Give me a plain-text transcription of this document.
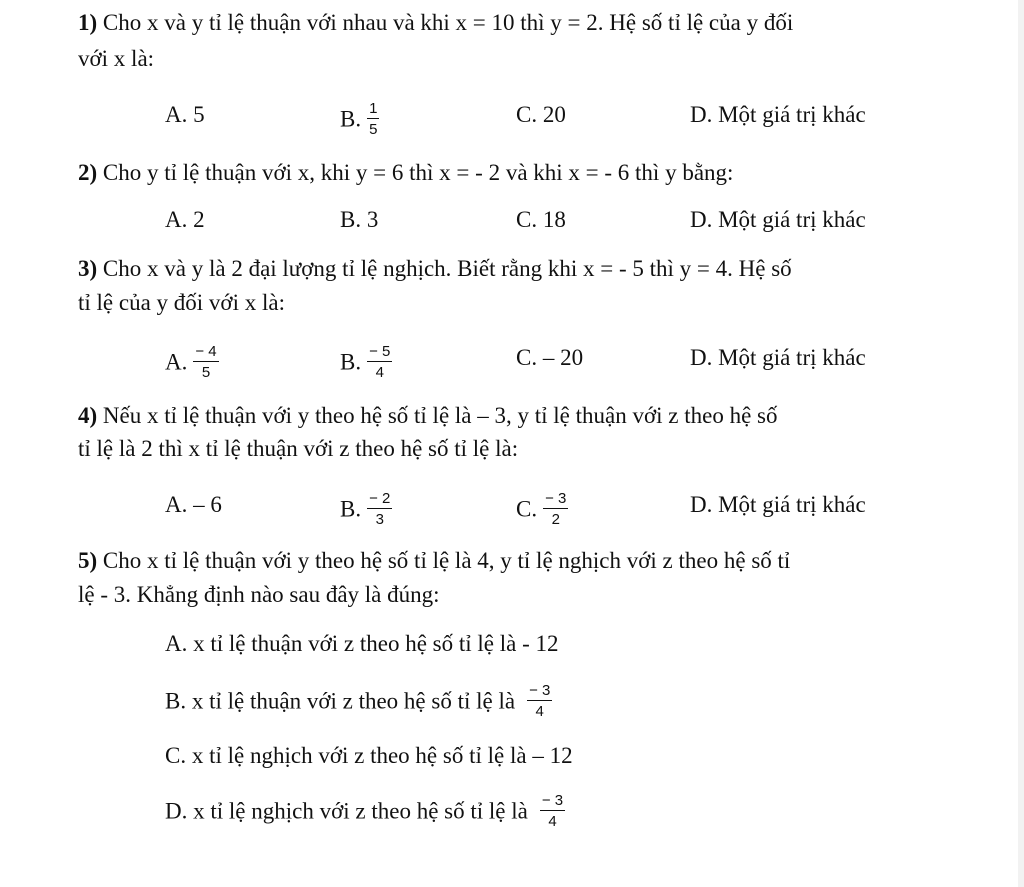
1) Cho x và y tỉ lệ thuận với nhau và khi x = 10 thì y = 2. Hệ số tỉ lệ của y đối
với x là:
A. 5	B. $\frac{1}{5}$	C. 20	D. Một giá trị khác
2) Cho y tỉ lệ thuận với x, khi y = 6 thì x = - 2 và khi x = - 6 thì y bằng:
A. 2	B. 3	C. 18	D. Một giá trị khác
3) Cho x và y là 2 đại lượng tỉ lệ nghịch. Biết rằng khi x = - 5 thì y = 4. Hệ số
tỉ lệ của y đối với x là:
A. $\frac{- 4}{5}$	B. $\frac{- 5}{4}$	C. – 20	D. Một giá trị khác
4) Nếu x tỉ lệ thuận với y theo hệ số tỉ lệ là – 3, y tỉ lệ thuận với z theo hệ số
tỉ lệ là 2 thì x tỉ lệ thuận với z theo hệ số tỉ lệ là:
A. – 6	B. $\frac{- 2}{3}$	C. $\frac{- 3}{2}$	D. Một giá trị khác
5) Cho x tỉ lệ thuận với y theo hệ số tỉ lệ là 4, y tỉ lệ nghịch với z theo hệ số tỉ
lệ - 3. Khẳng định nào sau đây là đúng:
A. x tỉ lệ thuận với z theo hệ số tỉ lệ là - 12
B. x tỉ lệ thuận với z theo hệ số tỉ lệ là $\frac{- 3}{4}$
C. x tỉ lệ nghịch với z theo hệ số tỉ lệ là – 12
D. x tỉ lệ nghịch với z theo hệ số tỉ lệ là $\frac{- 3}{4}$
